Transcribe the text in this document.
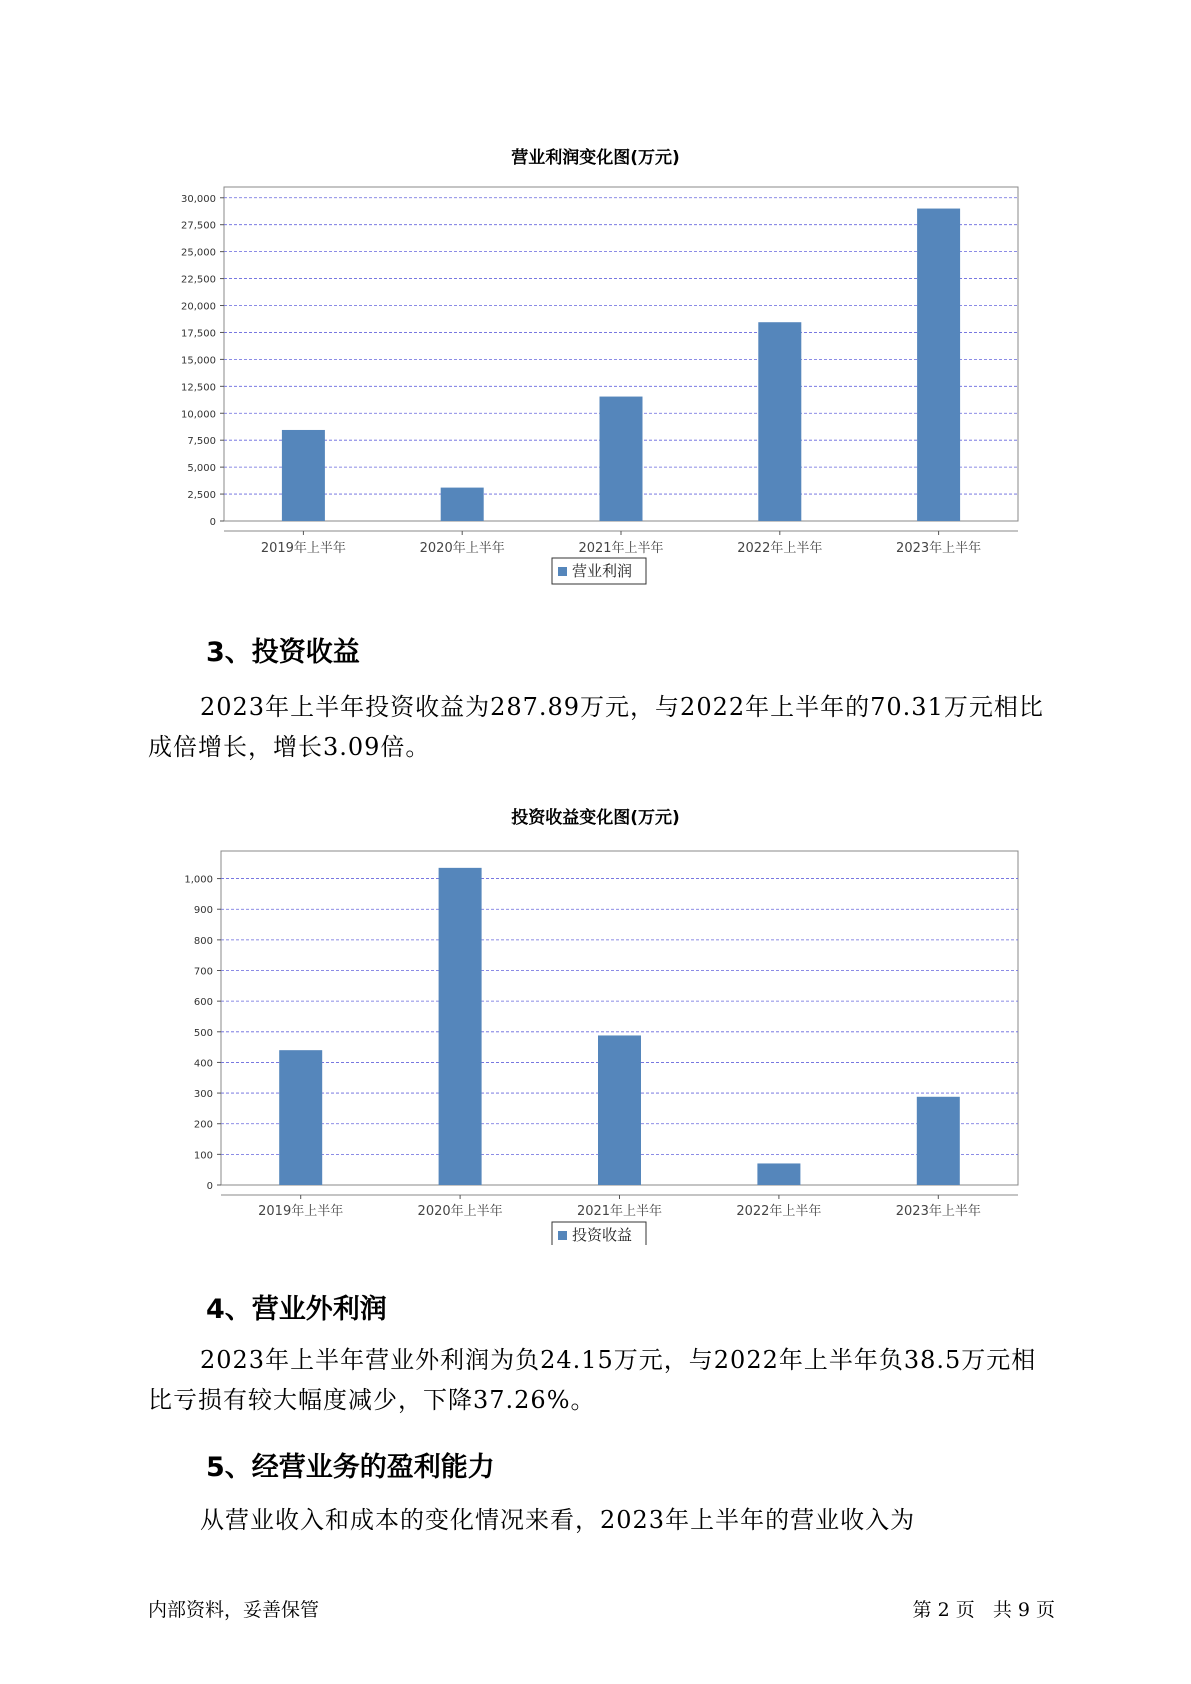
营业利润变化图(万元)
0
2,500
5,000
7,500
10,000
12,500
15,000
17,500
20,000
22,500
25,000
27,500
30,000
2019年上半年	2020年上半年	2021年上半年	2022年上半年	2023年上半年
营业利润
3、投资收益

2023年上半年投资收益为287.89万元，与2022年上半年的70.31万元相比成倍增长，增长3.09倍。

投资收益变化图(万元)
0
100
200
300
400
500
600
700
800
900
1,000
2019年上半年	2020年上半年	2021年上半年	2022年上半年	2023年上半年
投资收益
4、营业外利润

2023年上半年营业外利润为负24.15万元，与2022年上半年负38.5万元相比亏损有较大幅度减少，下降37.26%。

5、经营业务的盈利能力

从营业收入和成本的变化情况来看，2023年上半年的营业收入为

内部资料，妥善保管	第 2 页   共 9 页
